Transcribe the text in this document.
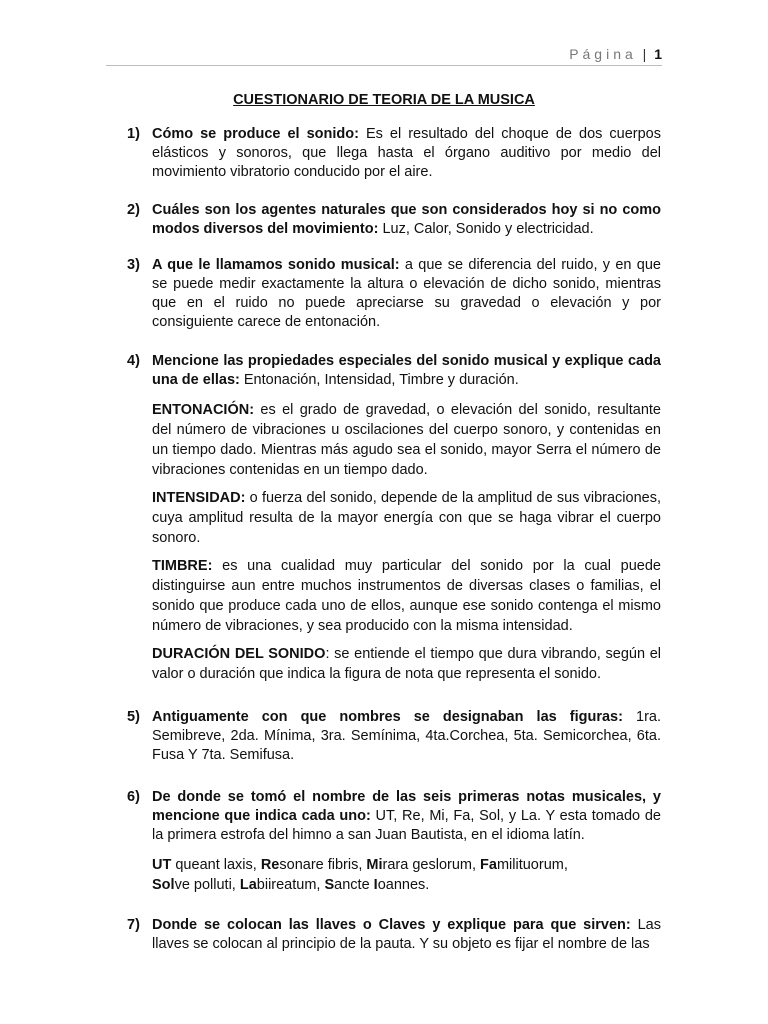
Página | 1
CUESTIONARIO DE TEORIA DE LA MUSICA
1) Cómo se produce el sonido: Es el resultado del choque de dos cuerpos elásticos y sonoros, que llega hasta el órgano auditivo por medio del movimiento vibratorio conducido por el aire.
2) Cuáles son los agentes naturales que son considerados hoy si no como modos diversos del movimiento: Luz, Calor, Sonido y electricidad.
3) A que le llamamos sonido musical: a que se diferencia del ruido, y en que se puede medir exactamente la altura o elevación de dicho sonido, mientras que en el ruido no puede apreciarse su gravedad o elevación y por consiguiente carece de entonación.
4) Mencione las propiedades especiales del sonido musical y explique cada una de ellas: Entonación, Intensidad, Timbre y duración.
ENTONACIÓN: es el grado de gravedad, o elevación del sonido, resultante del número de vibraciones u oscilaciones del cuerpo sonoro, y contenidas en un tiempo dado. Mientras más agudo sea el sonido, mayor Serra el número de vibraciones contenidas en un tiempo dado.
INTENSIDAD: o fuerza del sonido, depende de la amplitud de sus vibraciones, cuya amplitud resulta de la mayor energía con que se haga vibrar el cuerpo sonoro.
TIMBRE: es una cualidad muy particular del sonido por la cual puede distinguirse aun entre muchos instrumentos de diversas clases o familias, el sonido que produce cada uno de ellos, aunque ese sonido contenga el mismo número de vibraciones, y sea producido con la misma intensidad.
DURACIÓN DEL SONIDO: se entiende el tiempo que dura vibrando, según el valor o duración que indica la figura de nota que representa el sonido.
5) Antiguamente con que nombres se designaban las figuras: 1ra. Semibreve, 2da. Mínima, 3ra. Semínima, 4ta.Corchea, 5ta. Semicorchea, 6ta. Fusa Y 7ta. Semifusa.
6) De donde se tomó el nombre de las seis primeras notas musicales, y mencione que indica cada uno: UT, Re, Mi, Fa, Sol, y La. Y esta tomado de la primera estrofa del himno a san Juan Bautista, en el idioma latín.
UT queant laxis, Resonare fibris, Mirara geslorum, Familituorum, Solve polluti, Labiireatum, Sancte Ioannes.
7) Donde se colocan las llaves o Claves y explique para que sirven: Las llaves se colocan al principio de la pauta. Y su objeto es fijar el nombre de las
